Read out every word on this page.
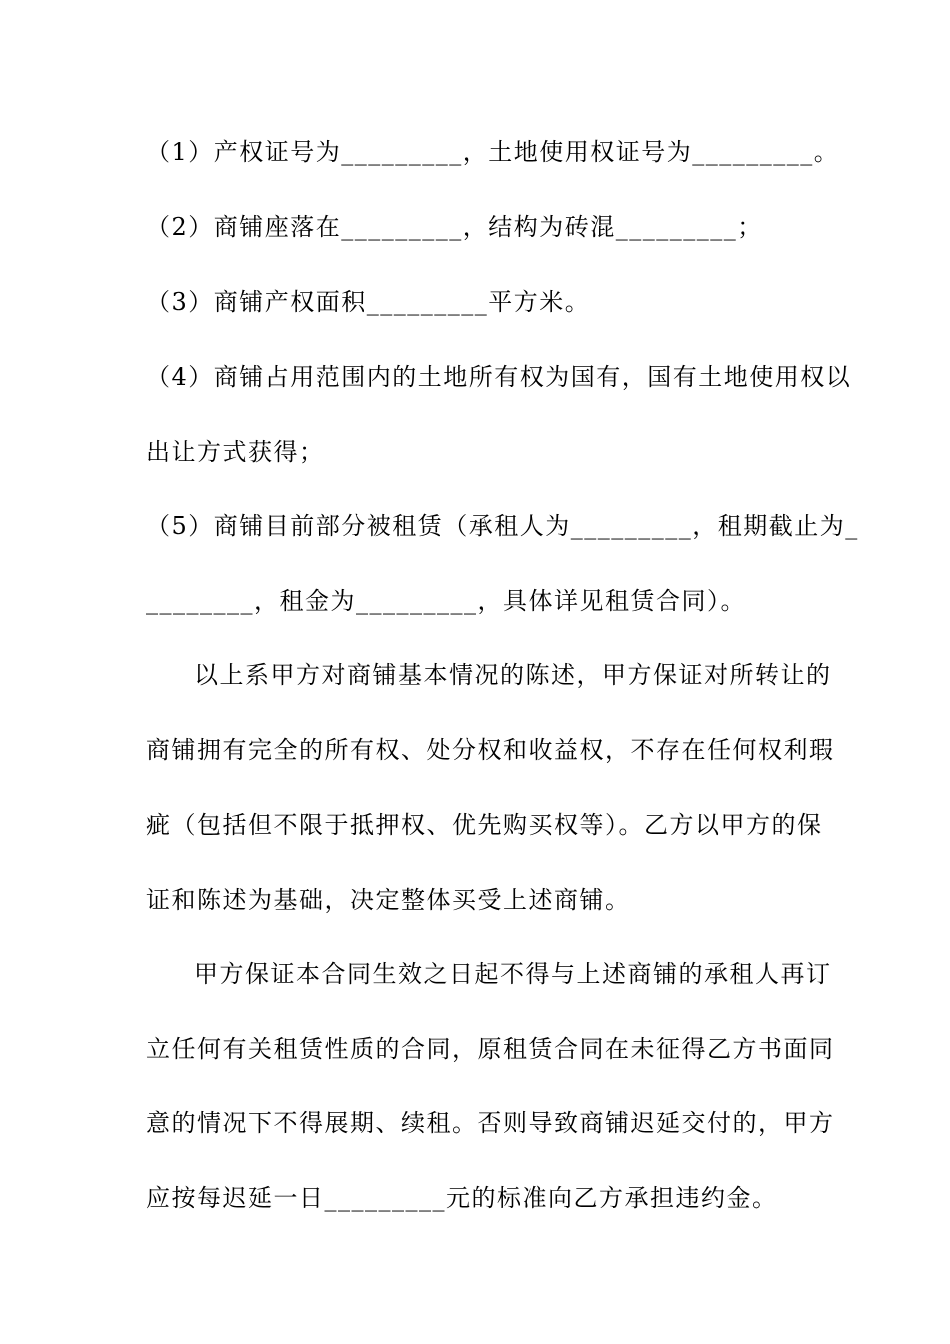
（1）产权证号为_________，土地使用权证号为_________。
（2）商铺座落在_________，结构为砖混_________；
（3）商铺产权面积_________平方米。
（4）商铺占用范围内的土地所有权为国有，国有土地使用权以
出让方式获得；
（5）商铺目前部分被租赁（承租人为_________，租期截止为_
________，租金为_________，具体详见租赁合同）。
以上系甲方对商铺基本情况的陈述，甲方保证对所转让的
商铺拥有完全的所有权、处分权和收益权，不存在任何权利瑕
疵（包括但不限于抵押权、优先购买权等）。乙方以甲方的保
证和陈述为基础，决定整体买受上述商铺。
甲方保证本合同生效之日起不得与上述商铺的承租人再订
立任何有关租赁性质的合同，原租赁合同在未征得乙方书面同
意的情况下不得展期、续租。否则导致商铺迟延交付的，甲方
应按每迟延一日_________元的标准向乙方承担违约金。
